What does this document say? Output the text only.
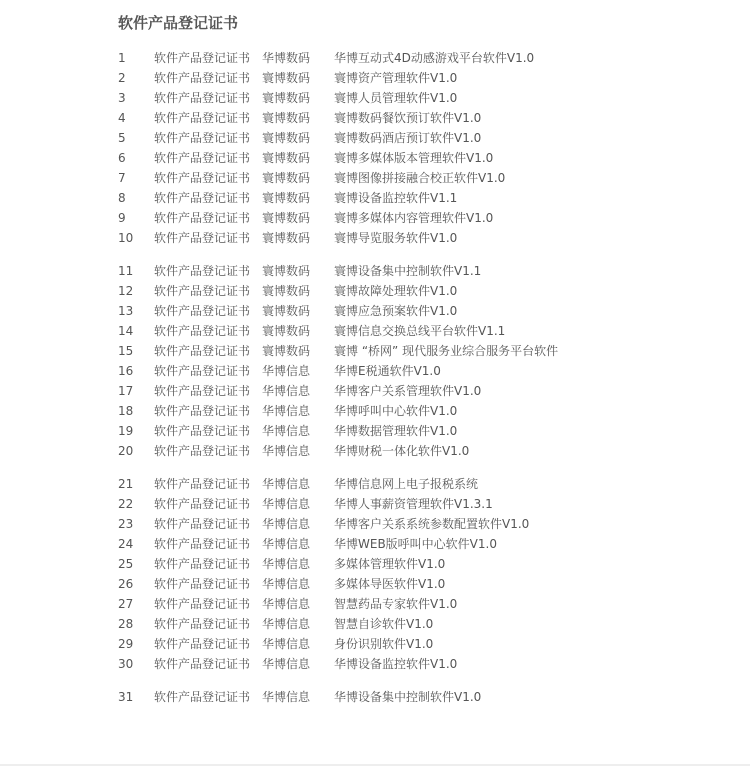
软件产品登记证书
1	软件产品登记证书 华博数码	华博互动式4D动感游戏平台软件V1.0
2	软件产品登记证书 寰博数码	寰博资产管理软件V1.0
3	软件产品登记证书 寰博数码	寰博人员管理软件V1.0
4	软件产品登记证书 寰博数码	寰博数码餐饮预订软件V1.0
5	软件产品登记证书 寰博数码	寰博数码酒店预订软件V1.0
6	软件产品登记证书 寰博数码	寰博多媒体版本管理软件V1.0
7	软件产品登记证书 寰博数码	寰博图像拼接融合校正软件V1.0
8	软件产品登记证书 寰博数码	寰博设备监控软件V1.1
9	软件产品登记证书 寰博数码	寰博多媒体内容管理软件V1.0
10	软件产品登记证书 寰博数码	寰博导览服务软件V1.0
11	软件产品登记证书 寰博数码	寰博设备集中控制软件V1.1
12	软件产品登记证书 寰博数码	寰博故障处理软件V1.0
13	软件产品登记证书 寰博数码	寰博应急预案软件V1.0
14	软件产品登记证书 寰博数码	寰博信息交换总线平台软件V1.1
15	软件产品登记证书 寰博数码	寰博 “桥网” 现代服务业综合服务平台软件
16	软件产品登记证书 华博信息	华博E税通软件V1.0
17	软件产品登记证书 华博信息	华博客户关系管理软件V1.0
18	软件产品登记证书 华博信息	华博呼叫中心软件V1.0
19	软件产品登记证书 华博信息	华博数据管理软件V1.0
20	软件产品登记证书 华博信息	华博财税一体化软件V1.0
21	软件产品登记证书 华博信息	华博信息网上电子报税系统
22	软件产品登记证书 华博信息	华博人事薪资管理软件V1.3.1
23	软件产品登记证书 华博信息	华博客户关系系统参数配置软件V1.0
24	软件产品登记证书 华博信息	华博WEB版呼叫中心软件V1.0
25	软件产品登记证书 华博信息	多媒体管理软件V1.0
26	软件产品登记证书 华博信息	多媒体导医软件V1.0
27	软件产品登记证书 华博信息	智慧药品专家软件V1.0
28	软件产品登记证书 华博信息	智慧自诊软件V1.0
29	软件产品登记证书 华博信息	身份识别软件V1.0
30	软件产品登记证书 华博信息	华博设备监控软件V1.0
31	软件产品登记证书 华博信息	华博设备集中控制软件V1.0
